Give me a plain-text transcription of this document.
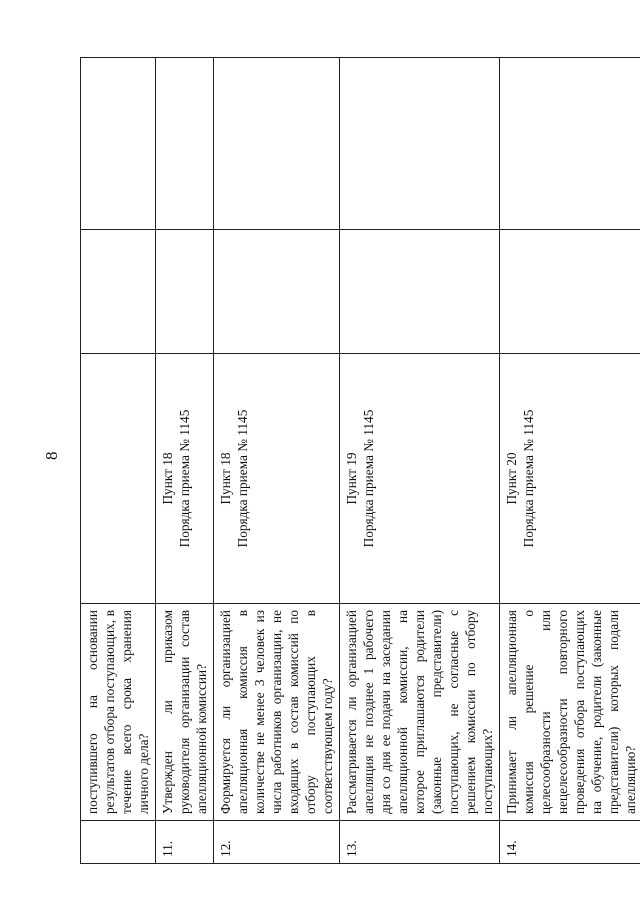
8
	поступившего на основании результатов отбора поступающих, в течение всего срока хранения личного дела?	

11.	Утвержден ли приказом руководителя организации состав апелляционной комиссии?	Пункт 18 Порядка приема № 1145		

12.	Формируется ли организацией апелляционная комиссия в количестве не менее 3 человек из числа работников организации, не входящих в состав комиссий по отбору поступающих в соответствующем году?	Пункт 18 Порядка приема № 1145		

13.	Рассматривается ли организацией апелляция не позднее 1 рабочего дня со дня ее подачи на заседании апелляционной комиссии, на которое приглашаются родители (законные представители) поступающих, не согласные с решением комиссии по отбору поступающих?	Пункт 19 Порядка приема № 1145		

14.	Принимает ли апелляционная комиссия решение о целесообразности или нецелесообразности повторного проведения отбора поступающих на обучение, родители (законные представители) которых подали апелляцию?	Пункт 20 Порядка приема № 1145		
